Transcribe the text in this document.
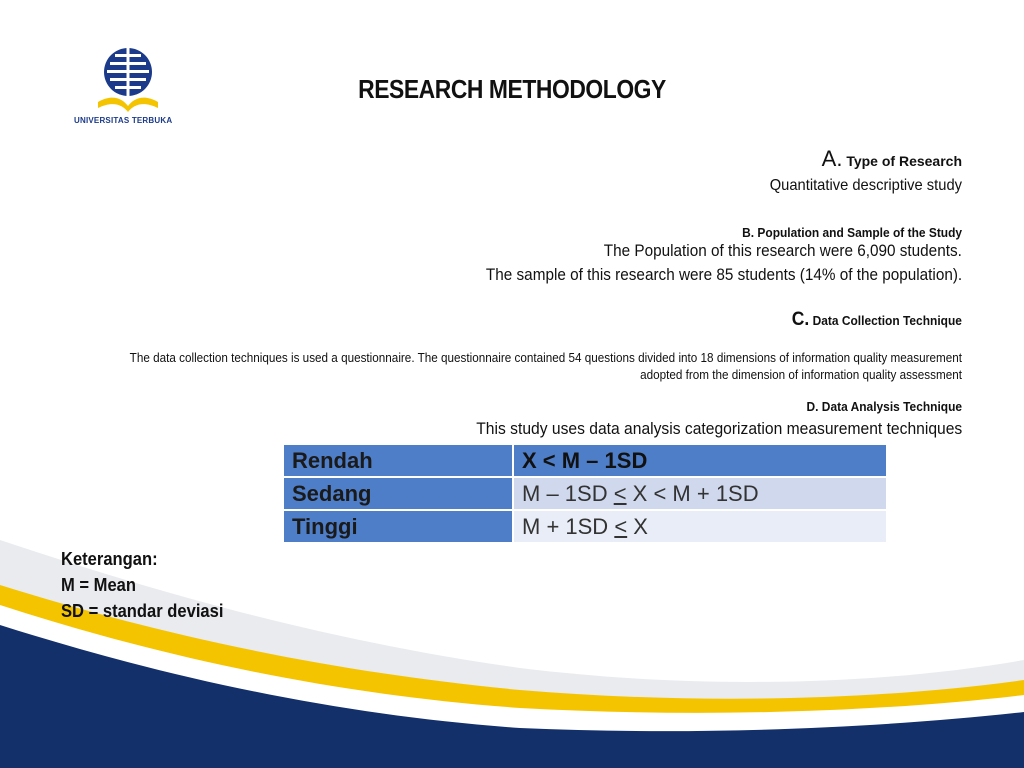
UNIVERSITAS TERBUKA
RESEARCH METHODOLOGY
A. Type of Research
Quantitative descriptive study
B. Population and Sample of the Study
The Population of this research were 6,090 students.
The sample of this research were 85 students (14% of the population).
C. Data Collection Technique
The data collection techniques is used a questionnaire. The questionnaire contained 54 questions divided into 18 dimensions of information quality measurement adopted from the dimension of information quality assessment
D. Data Analysis Technique
This study uses data analysis categorization measurement techniques
Rendah	X < M – 1SD
Sedang	M – 1SD < X < M + 1SD
Tinggi	M + 1SD < X
Keterangan:
M = Mean
SD = standar deviasi
